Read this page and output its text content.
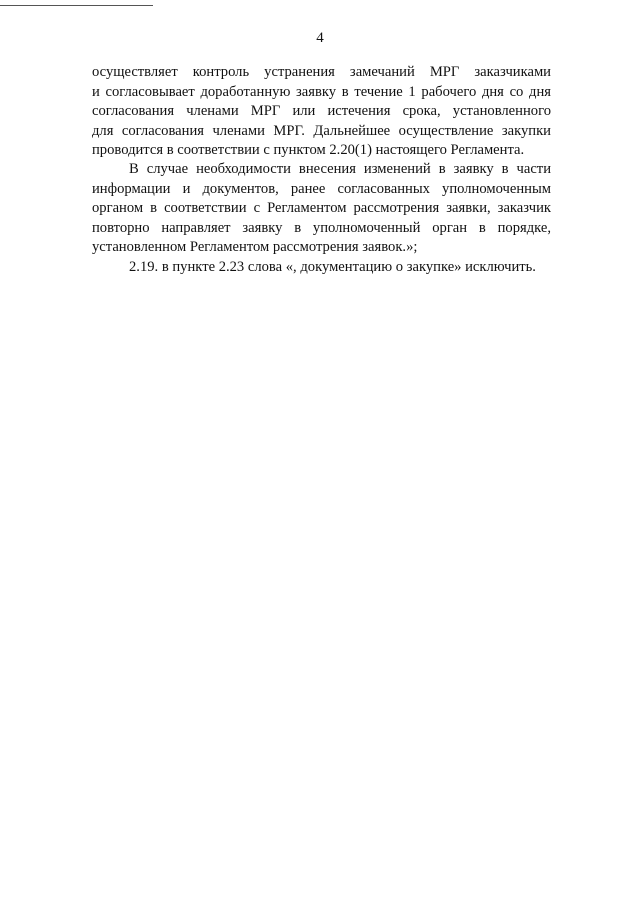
4
осуществляет контроль устранения замечаний МРГ заказчиками
и согласовывает доработанную заявку в течение 1 рабочего дня со дня
согласования членами МРГ или истечения срока, установленного
для согласования членами МРГ. Дальнейшее осуществление закупки
проводится в соответствии с пунктом 2.20(1) настоящего Регламента.
В случае необходимости внесения изменений в заявку в части
информации и документов, ранее согласованных уполномоченным
органом в соответствии с Регламентом рассмотрения заявки, заказчик
повторно направляет заявку в уполномоченный орган в порядке,
установленном Регламентом рассмотрения заявок.»;
2.19. в пункте 2.23 слова «, документацию о закупке» исключить.
